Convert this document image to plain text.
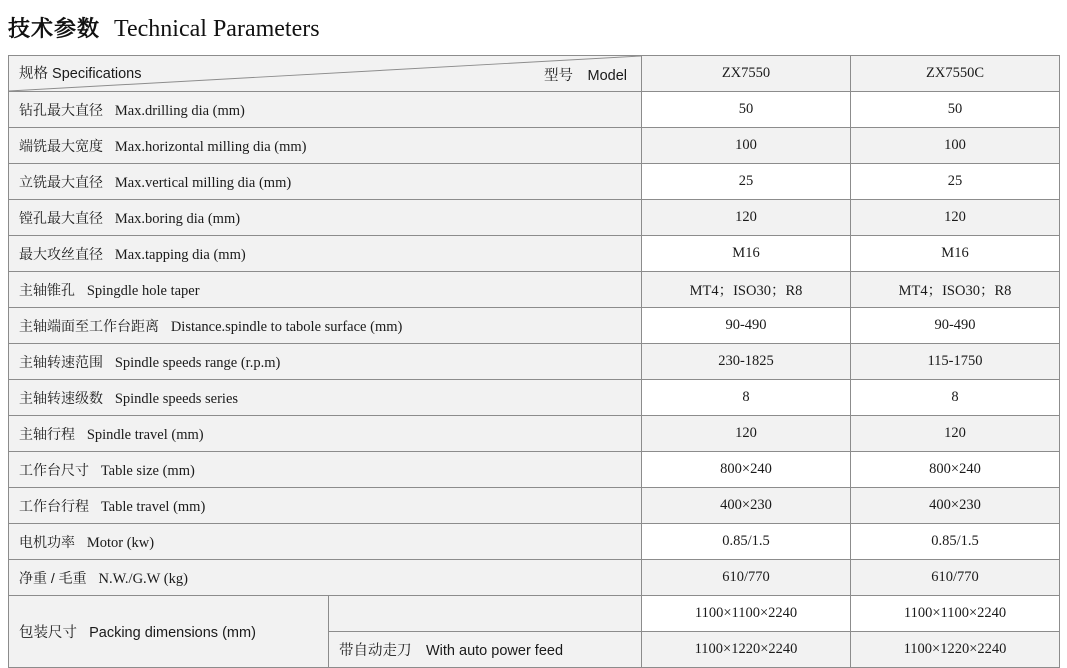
技术参数 Technical Parameters
规格 Specifications 型号　Model		ZX7550	ZX7550C
钻孔最大直径   Max.drilling dia (mm)		50	50
端铣最大宽度   Max.horizontal milling dia (mm)		100	100
立铣最大直径   Max.vertical milling dia (mm)		25	25
镗孔最大直径   Max.boring dia (mm)		120	120
最大攻丝直径   Max.tapping dia (mm)		M16	M16
主轴锥孔   Spingdle hole taper		MT4；ISO30；R8	MT4；ISO30；R8
主轴端面至工作台距离   Distance.spindle to tabole surface (mm)		90-490	90-490
主轴转速范围   Spindle speeds range (r.p.m)		230-1825	115-1750
主轴转速级数   Spindle speeds series		8	8
主轴行程   Spindle travel (mm)		120	120
工作台尺寸   Table size (mm)		800×240	800×240
工作台行程   Table travel (mm)		400×230	400×230
电机功率   Motor (kw)		0.85/1.5	0.85/1.5
净重 / 毛重   N.W./G.W (kg)		610/770	610/770
包装尺寸   Packing dimensions (mm)		1100×1100×2240	1100×1100×2240
	带自动走刀　With auto power feed	1100×1220×2240	1100×1220×2240
